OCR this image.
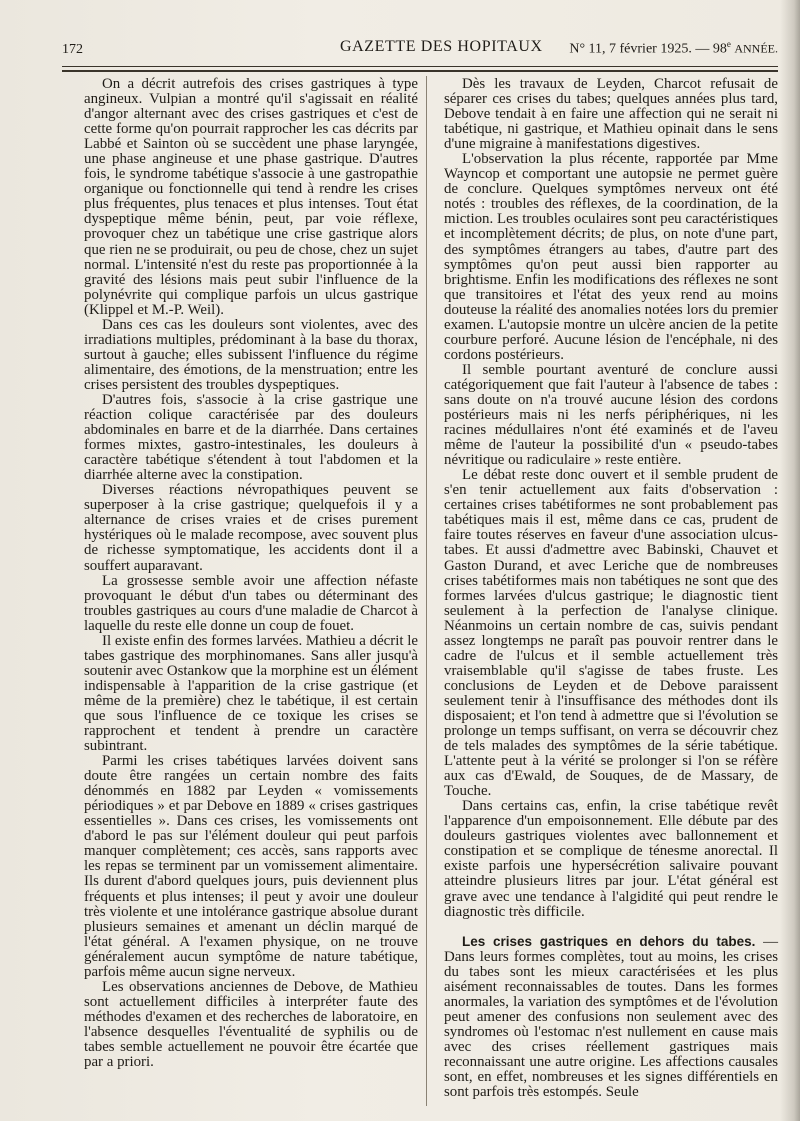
172	GAZETTE DES HOPITAUX N° 11, 7 février 1925. — 98e ANNÉE.

On a décrit autrefois des crises gastriques à type angineux. Vulpian a montré qu'il s'agissait en réalité d'angor alternant avec des crises gastriques et c'est de cette forme qu'on pourrait rapprocher les cas décrits par Labbé et Sainton où se succèdent une phase laryngée, une phase angineuse et une phase gastrique. D'autres fois, le syndrome tabétique s'associe à une gastropathie organique ou fonctionnelle qui tend à rendre les crises plus fréquentes, plus tenaces et plus intenses. Tout état dyspeptique même bénin, peut, par voie réflexe, provoquer chez un tabétique une crise gastrique alors que rien ne se produirait, ou peu de chose, chez un sujet normal. L'intensité n'est du reste pas proportionnée à la gravité des lésions mais peut subir l'influence de la polynévrite qui complique parfois un ulcus gastrique (Klippel et M.-P. Weil).

Dans ces cas les douleurs sont violentes, avec des irradiations multiples, prédominant à la base du thorax, surtout à gauche; elles subissent l'influence du régime alimentaire, des émotions, de la menstruation; entre les crises persistent des troubles dyspeptiques.

D'autres fois, s'associe à la crise gastrique une réaction colique caractérisée par des douleurs abdominales en barre et de la diarrhée. Dans certaines formes mixtes, gastro-intestinales, les douleurs à caractère tabétique s'étendent à tout l'abdomen et la diarrhée alterne avec la constipation.

Diverses réactions névropathiques peuvent se superposer à la crise gastrique; quelquefois il y a alternance de crises vraies et de crises purement hystériques où le malade recompose, avec souvent plus de richesse symptomatique, les accidents dont il a souffert auparavant.

La grossesse semble avoir une affection néfaste provoquant le début d'un tabes ou déterminant des troubles gastriques au cours d'une maladie de Charcot à laquelle du reste elle donne un coup de fouet.

Il existe enfin des formes larvées. Mathieu a décrit le tabes gastrique des morphinomanes. Sans aller jusqu'à soutenir avec Ostankow que la morphine est un élément indispensable à l'apparition de la crise gastrique (et même de la première) chez le tabétique, il est certain que sous l'influence de ce toxique les crises se rapprochent et tendent à prendre un caractère subintrant.

Parmi les crises tabétiques larvées doivent sans doute être rangées un certain nombre des faits dénommés en 1882 par Leyden « vomissements périodiques » et par Debove en 1889 « crises gastriques essentielles ». Dans ces crises, les vomissements ont d'abord le pas sur l'élément douleur qui peut parfois manquer complètement; ces accès, sans rapports avec les repas se terminent par un vomissement alimentaire. Ils durent d'abord quelques jours, puis deviennent plus fréquents et plus intenses; il peut y avoir une douleur très violente et une intolérance gastrique absolue durant plusieurs semaines et amenant un déclin marqué de l'état général. A l'examen physique, on ne trouve généralement aucun symptôme de nature tabétique, parfois même aucun signe nerveux.

Les observations anciennes de Debove, de Mathieu sont actuellement difficiles à interpréter faute des méthodes d'examen et des recherches de laboratoire, en l'absence desquelles l'éventualité de syphilis ou de tabes semble actuellement ne pouvoir être écartée que par a priori.

Dès les travaux de Leyden, Charcot refusait de séparer ces crises du tabes; quelques années plus tard, Debove tendait à en faire une affection qui ne serait ni tabétique, ni gastrique, et Mathieu opinait dans le sens d'une migraine à manifestations digestives.

L'observation la plus récente, rapportée par Mme Wayncop et comportant une autopsie ne permet guère de conclure. Quelques symptômes nerveux ont été notés : troubles des réflexes, de la coordination, de la miction. Les troubles oculaires sont peu caractéristiques et incomplètement décrits; de plus, on note d'une part, des symptômes étrangers au tabes, d'autre part des symptômes qu'on peut aussi bien rapporter au brightisme. Enfin les modifications des réflexes ne sont que transitoires et l'état des yeux rend au moins douteuse la réalité des anomalies notées lors du premier examen. L'autopsie montre un ulcère ancien de la petite courbure perforé. Aucune lésion de l'encéphale, ni des cordons postérieurs.

Il semble pourtant aventuré de conclure aussi catégoriquement que fait l'auteur à l'absence de tabes : sans doute on n'a trouvé aucune lésion des cordons postérieurs mais ni les nerfs périphériques, ni les racines médullaires n'ont été examinés et de l'aveu même de l'auteur la possibilité d'un « pseudo-tabes névritique ou radiculaire » reste entière.

Le débat reste donc ouvert et il semble prudent de s'en tenir actuellement aux faits d'observation : certaines crises tabétiformes ne sont probablement pas tabétiques mais il est, même dans ce cas, prudent de faire toutes réserves en faveur d'une association ulcus-tabes. Et aussi d'admettre avec Babinski, Chauvet et Gaston Durand, et avec Leriche que de nombreuses crises tabétiformes mais non tabétiques ne sont que des formes larvées d'ulcus gastrique; le diagnostic tient seulement à la perfection de l'analyse clinique. Néanmoins un certain nombre de cas, suivis pendant assez longtemps ne paraît pas pouvoir rentrer dans le cadre de l'ulcus et il semble actuellement très vraisemblable qu'il s'agisse de tabes fruste. Les conclusions de Leyden et de Debove paraissent seulement tenir à l'insuffisance des méthodes dont ils disposaient; et l'on tend à admettre que si l'évolution se prolonge un temps suffisant, on verra se découvrir chez de tels malades des symptômes de la série tabétique. L'attente peut à la vérité se prolonger si l'on se réfère aux cas d'Ewald, de Souques, de de Massary, de Touche.

Dans certains cas, enfin, la crise tabétique revêt l'apparence d'un empoisonnement. Elle débute par des douleurs gastriques violentes avec ballonnement et constipation et se complique de ténesme anorectal. Il existe parfois une hypersécrétion salivaire pouvant atteindre plusieurs litres par jour. L'état général est grave avec une tendance à l'algidité qui peut rendre le diagnostic très difficile.

Les crises gastriques en dehors du tabes. — Dans leurs formes complètes, tout au moins, les crises du tabes sont les mieux caractérisées et les plus aisément reconnaissables de toutes. Dans les formes anormales, la variation des symptômes et de l'évolution peut amener des confusions non seulement avec des syndromes où l'estomac n'est nullement en cause mais avec des crises réellement gastriques mais reconnaissant une autre origine. Les affections causales sont, en effet, nombreuses et les signes différentiels en sont parfois très estompés. Seule
